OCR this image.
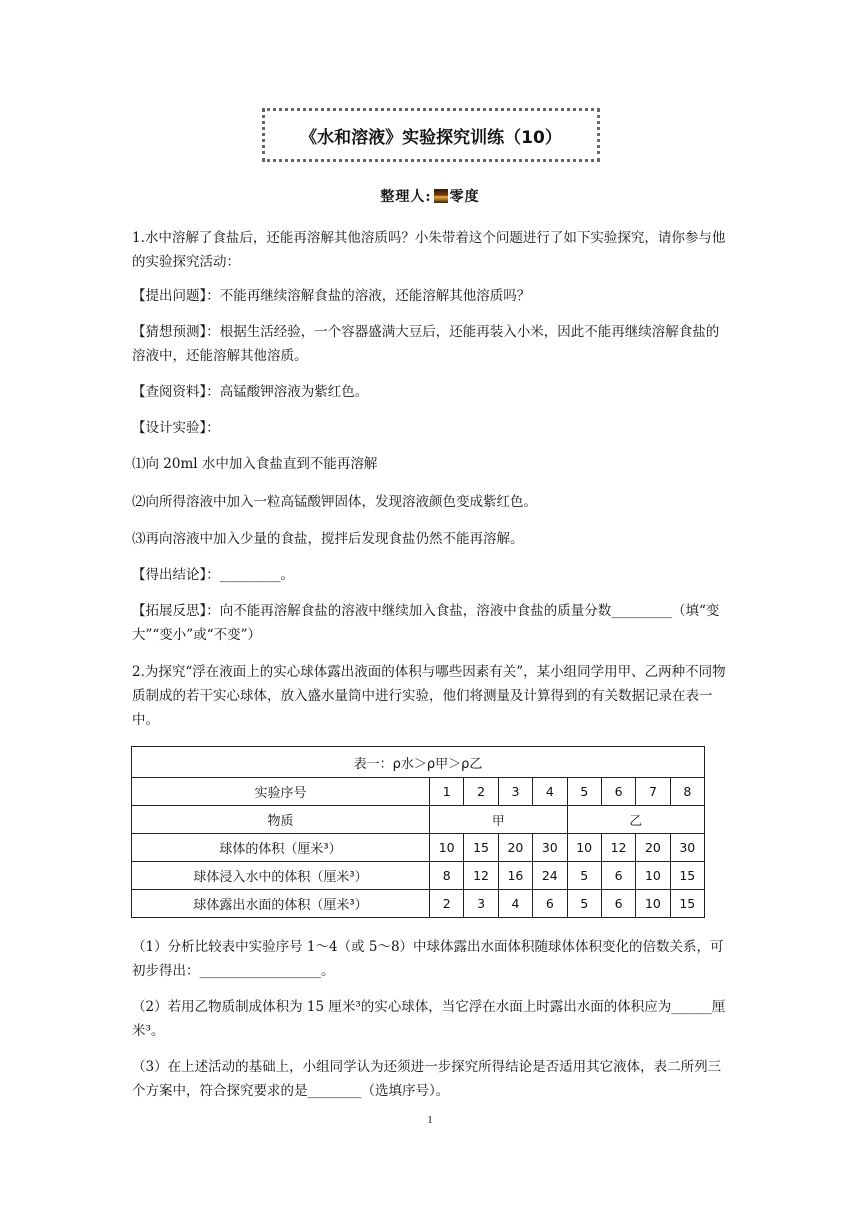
《水和溶液》实验探究训练（10）
整理人: 零度
1.水中溶解了食盐后，还能再溶解其他溶质吗？小朱带着这个问题进行了如下实验探究，请你参与他的实验探究活动：
【提出问题】：不能再继续溶解食盐的溶液，还能溶解其他溶质吗？
【猜想预测】：根据生活经验，一个容器盛满大豆后，还能再装入小米，因此不能再继续溶解食盐的溶液中，还能溶解其他溶质。
【查阅资料】：高锰酸钾溶液为紫红色。
【设计实验】：
⑴向 20ml 水中加入食盐直到不能再溶解
⑵向所得溶液中加入一粒高锰酸钾固体，发现溶液颜色变成紫红色。
⑶再向溶液中加入少量的食盐，搅拌后发现食盐仍然不能再溶解。
【得出结论】：_________。
【拓展反思】：向不能再溶解食盐的溶液中继续加入食盐，溶液中食盐的质量分数_________（填“变大”“变小”或“不变”）
2.为探究“浮在液面上的实心球体露出液面的体积与哪些因素有关”，某小组同学用甲、乙两种不同物质制成的若干实心球体，放入盛水量筒中进行实验，他们将测量及计算得到的有关数据记录在表一中。
表一：ρ水＞ρ甲＞ρ乙								
实验序号	1	2	3	4	5	6	7	8
物质	甲				乙			
球体的体积（厘米³）	10	15	20	30	10	12	20	30
球体浸入水中的体积（厘米³）	8	12	16	24	5	6	10	15
球体露出水面的体积（厘米³）	2	3	4	6	5	6	10	15
（1）分析比较表中实验序号 1～4（或 5～8）中球体露出水面体积随球体体积变化的倍数关系，可初步得出：__________________。
（2）若用乙物质制成体积为 15 厘米³的实心球体，当它浮在水面上时露出水面的体积应为______厘米³。
（3）在上述活动的基础上，小组同学认为还须进一步探究所得结论是否适用其它液体，表二所列三个方案中，符合探究要求的是________（选填序号）。
1
